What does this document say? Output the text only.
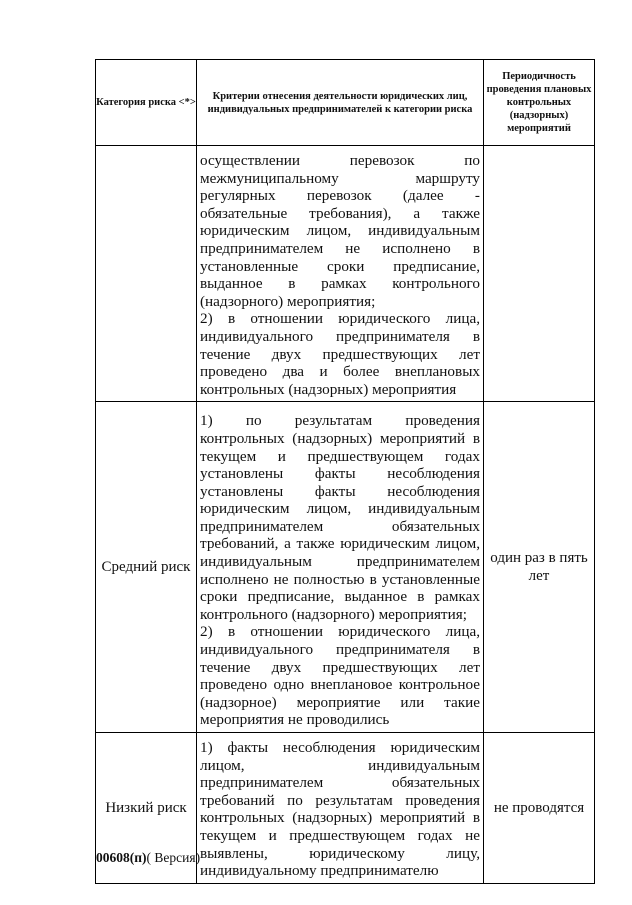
Категория риска <*>	Критерии отнесения деятельности юридических лиц, индивидуальных предпринимателей к категории риска	Периодичность проведения плановых контрольных (надзорных) мероприятий

	осуществлении перевозок по межмуниципальному маршруту регулярных перевозок (далее - обязательные требования), а также юридическим лицом, индивидуальным предпринимателем не исполнено в установленные сроки предписание, выданное в рамках контрольного (надзорного) мероприятия;
2) в отношении юридического лица, индивидуального предпринимателя в течение двух предшествующих лет проведено два и более внеплановых контрольных (надзорных) мероприятия	

Средний риск	1) по результатам проведения контрольных (надзорных) мероприятий в текущем и предшествующем годах установлены факты несоблюдения установлены факты несоблюдения юридическим лицом, индивидуальным предпринимателем обязательных требований, а также юридическим лицом, индивидуальным предпринимателем исполнено не полностью в установленные сроки предписание, выданное в рамках контрольного (надзорного) мероприятия;
2) в отношении юридического лица, индивидуального предпринимателя в течение двух предшествующих лет проведено одно внеплановое контрольное (надзорное) мероприятие или такие мероприятия не проводились	один раз в пять лет
Низкий риск	1) факты несоблюдения юридическим лицом, индивидуальным предпринимателем обязательных требований по результатам проведения контрольных (надзорных) мероприятий в текущем и предшествующем годах не выявлены, юридическому лицу, индивидуальному предпринимателю	не проводятся
00608(п)( Версия)
